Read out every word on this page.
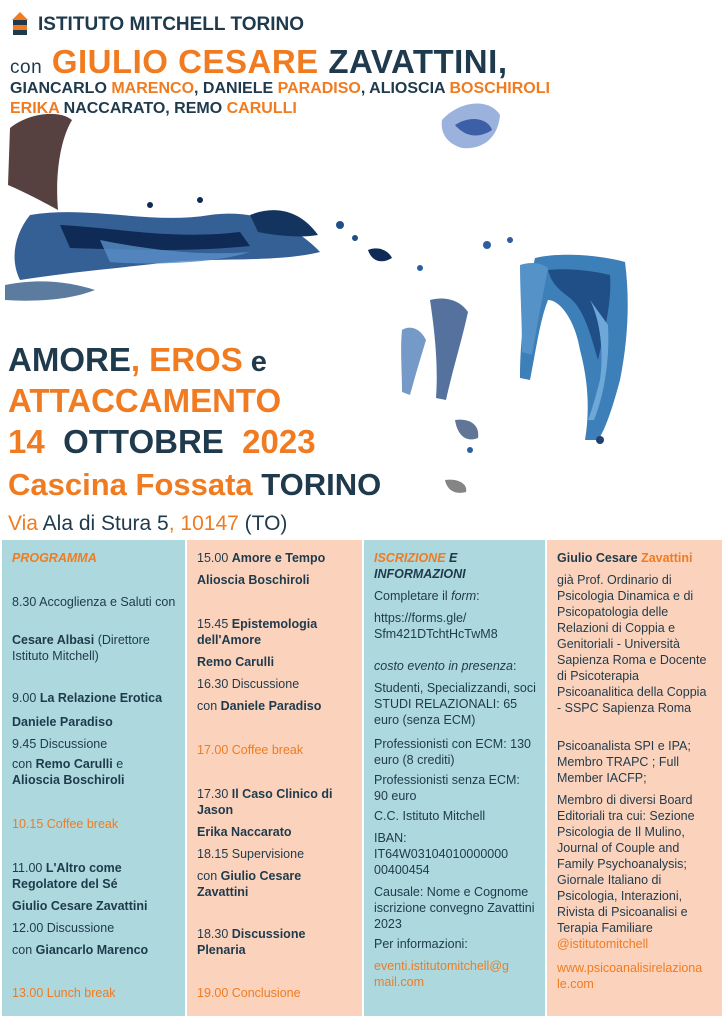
ISTITUTO MITCHELL TORINO
con GIULIO CESARE ZAVATTINI,
GIANCARLO MARENCO, DANIELE PARADISO, ALIOSCIA BOSCHIROLI
ERIKA NACCARATO, REMO CARULLI
AMORE, EROS e
ATTACCAMENTO
14 OTTOBRE 2023
Cascina Fossata TORINO
Via Ala di Stura 5, 10147 (TO)

PROGRAMMA

8.30 Accoglienza e Saluti con

Cesare Albasi (Direttore Istituto Mitchell)

9.00 La Relazione Erotica

Daniele Paradiso

9.45 Discussione

con Remo Carulli e
Alioscia Boschiroli

10.15 Coffee break

11.00 L'Altro come Regolatore del Sé

Giulio Cesare Zavattini

12.00 Discussione

con Giancarlo Marenco

13.00 Lunch break

15.00 Amore e Tempo

Alioscia Boschiroli

15.45 Epistemologia dell'Amore

Remo Carulli

16.30 Discussione

con Daniele Paradiso

17.00 Coffee break

17.30 Il Caso Clinico di Jason

Erika Naccarato

18.15 Supervisione

con Giulio Cesare Zavattini

18.30 Discussione Plenaria

19.00 Conclusione

ISCRIZIONE E INFORMAZIONI

Completare il form:

https://forms.gle/ Sfm421DTchtHcTwM8

costo evento in presenza:

Studenti, Specializzandi, soci STUDI RELAZIONALI: 65 euro (senza ECM)

Professionisti con ECM: 130 euro (8 crediti)

Professionisti senza ECM: 90 euro

C.C. Istituto Mitchell

IBAN: IT64W03104010000000 00400454

Causale: Nome e Cognome iscrizione convegno Zavattini 2023

Per informazioni:

eventi.istitutomitchell@g mail.com

Giulio Cesare Zavattini

già Prof. Ordinario di Psicologia Dinamica e di Psicopatologia delle Relazioni di Coppia e Genitoriali - Università Sapienza Roma e Docente di Psicoterapia Psicoanalitica della Coppia - SSPC Sapienza Roma

Psicoanalista SPI e IPA; Membro TRAPC ; Full Member IACFP;

Membro di diversi Board Editoriali tra cui: Sezione Psicologia de Il Mulino, Journal of Couple and Family Psychoanalysis; Giornale Italiano di Psicologia, Interazioni, Rivista di Psicoanalisi e Terapia Familiare

@istitutomitchell

www.psicoanalisirelaziona le.com
